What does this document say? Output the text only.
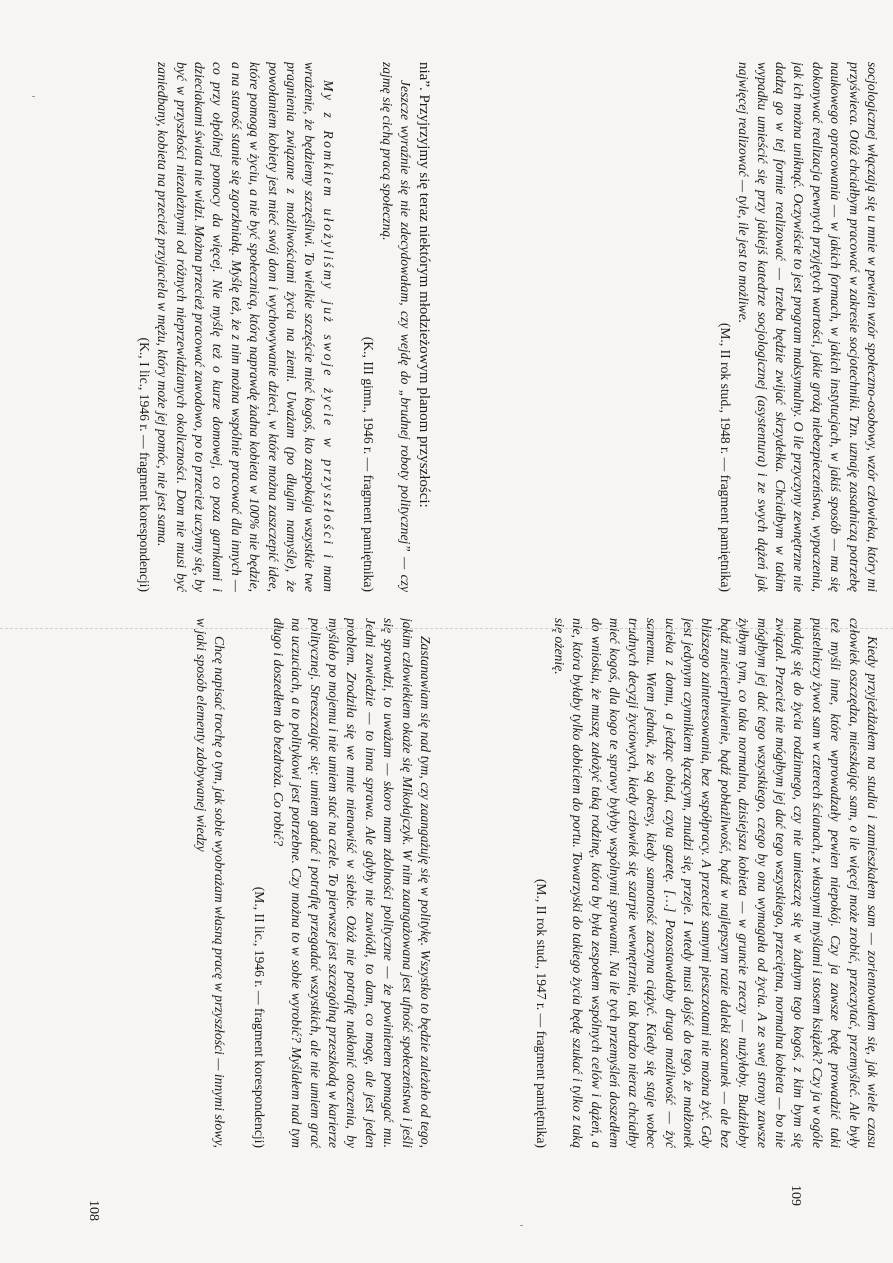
nia”. Przyjrzyjmy się teraz niektórym młodzieżowym planom przyszłości:

Jeszcze wyraźnie się nie zdecydowałam, czy wejdę do „brudnej roboty politycznej” — czy zajmę się cichą pracą społeczną.

(K., III gimn., 1946 r. — fragment pamiętnika)

My z Romkiem ułożyliśmy już swoje życie w przyszłości i mam wrażenie, że będziemy szczęśliwi. To wielkie szczęście mieć kogoś, kto zaspokaja wszystkie twe pragnienia związane z możliwościami życia na ziemi. Uważam (po długim namyśle), że powołaniem kobiety jest mieć swój dom i wychowywanie dzieci, w które można zaszczepić idee, które pomogą w życiu, a nie być społecznicą, którą naprawdę żadna kobieta w 100% nie będzie, a na starość stanie się zgorzkniałą. Myślę też, że z nim można wspólnie pracować dla innych — co przy ołpólnej pomocy da więcej. Nie myślę też o kurze domowej, co poza garnkami i dzieciakami świata nie widzi. Można przecież pracować zawodowo, po to przecież uczymy się, by być w przyszłości niezależnymi od różnych nieprzewidzianych okoliczności. Dom nie musi być zaniedbany, kobieta na przecież przyjaciela w mężu, który może jej pomóc, nie jest sama.

(K., I lic., 1946 r. — fragment korespondencji)

Zastanawiam się nad tym, czy zaangażuję się w politykę. Wszystko to będzie zależało od tego, jakim człowiekiem okaże się Mikołajczyk. W nim zaangażowana jest ufność społeczeństwa i jeśli się sprawdzi, to uważam — skoro mam zdolności polityczne — że powinienem pomagać mu. Jedni zawiedzie — to inna sprawa. Ale gdyby nie zawiódł, to dam, co mogę, ale jest jeden problem. Zrodziła się we mnie nienawiść w siebie. Ożóż nie potrafię nakłonić otoczenia, by myślało po mojemu i nie umiem stać na czele. To pierwsze jest szczególną przeszkodą w karierze politycznej. Streszczając się: umiem gadać i potrafię przegadać wszystkich, ale nie umiem grać na uczuciach, a to politykowi jest potrzebne. Czy można to w sobie wyrobić? Myślałem nad tym długo i doszedłem do bezdroża. Co robić?

(M., II lic., 1946 r. — fragment korespondencji)

Chcę napisać trochę o tym, jak sobie wyobrażam własną pracę w przyszłości — innymi słowy, w jaki sposób elementy zdobywanej wiedzy

108

socjologicznej włączają się u mnie w pewien wzór społeczno-osobowy, wzór człowieka, który mi przyświeca. Otóż chciałbym pracować w zakresie socjotechniki. Tzn. uznaję zasadniczą potrzebę naukowego opracowania — w jakich formach, w jakich instytucjach, w jakiś sposób — ma się dokonywać realizacja pewnych przyjętych wartości, jakie grożą niebezpieczeństwa, wypaczenia, jak ich można uniknąć. Oczywiście to jest program maksymalny. O ile przyczyny zewnętrzne nie dadzą go w tej formie realizować — trzeba będzie zwijać skrzydełka. Chciałbym w takim wypadku umieścić się przy jakiejś katedrze socjologicznej (asystentura) i ze swych dążeń jak najwięcej realizować — tyle, ile jest to możliwe.

(M., II rok stud., 1948 r. — fragment pamiętnika)

Kiedy przyjeżdżałem na studia i zamieszkałem sam — zorientowałem się, jak wiele czasu człowiek oszczędza, mieszkając sam, o ile więcej może zrobić, przeczytać, przemyśleć. Ale były też myśli inne, które wprowadzały pewien niepokój. Czy ja zawsze będę prowadzić taki pustelniczy żywot sam w czterech ścianach, z własnymi myślami i stosem książek? Czy ja w ogóle nadaję się do życia rodzinnego, czy nie umieszczę się w żadnym tego kogoś, z kim bym się związał. Przecież nie mógłbym jej dać tego wszystkiego, przeciętna, normalna kobieta — bo nie mógłbym jej dać tego wszystkiego, czego by ona wymagała od życia. A ze swej strony zawsze żyłbym tym, co taka normalna, dzisiejsza kobieta — w gruncie rzeczy — nużyłoby. Budziłoby bądź zniecierpliwienie, bądź pobłażliwość, bądź w najlepszym razie daleki szacunek — ale bez bliższego zainteresowania, bez współpracy. A przecież samymi pieszczotami nie można żyć. Gdy jest jedynym czynnikiem łączącym, znudzi się, przeje. I wtedy musi dojść do tego, że małżonek ucieka z domu, a jedząc obiad, czyta gazetę. […] Pozostawałaby druga możliwość — żyć samemu. Wiem jednak, że są okresy, kiedy samotność zaczyna ciążyć. Kiedy się staje wobec trudnych decyzji życiowych, kiedy człowiek się szarpie wewnętrznie, tak bardzo nieraz chciałby mieć kogoś, dla kogo te sprawy byłyby wspólnymi sprawami. Na ile tych przemyśleń doszedłem do wniosku, że muszę założyć taką rodzinę, która by była zespołem wspólnych celów i dążeń, a nie, która byłaby tylko dobiciem do portu. Towarzyski do takiego życia będę szukać i tylko z taką się ożenię.

(M., II rok stud., 1947 r. — fragment pamiętnika)

109
